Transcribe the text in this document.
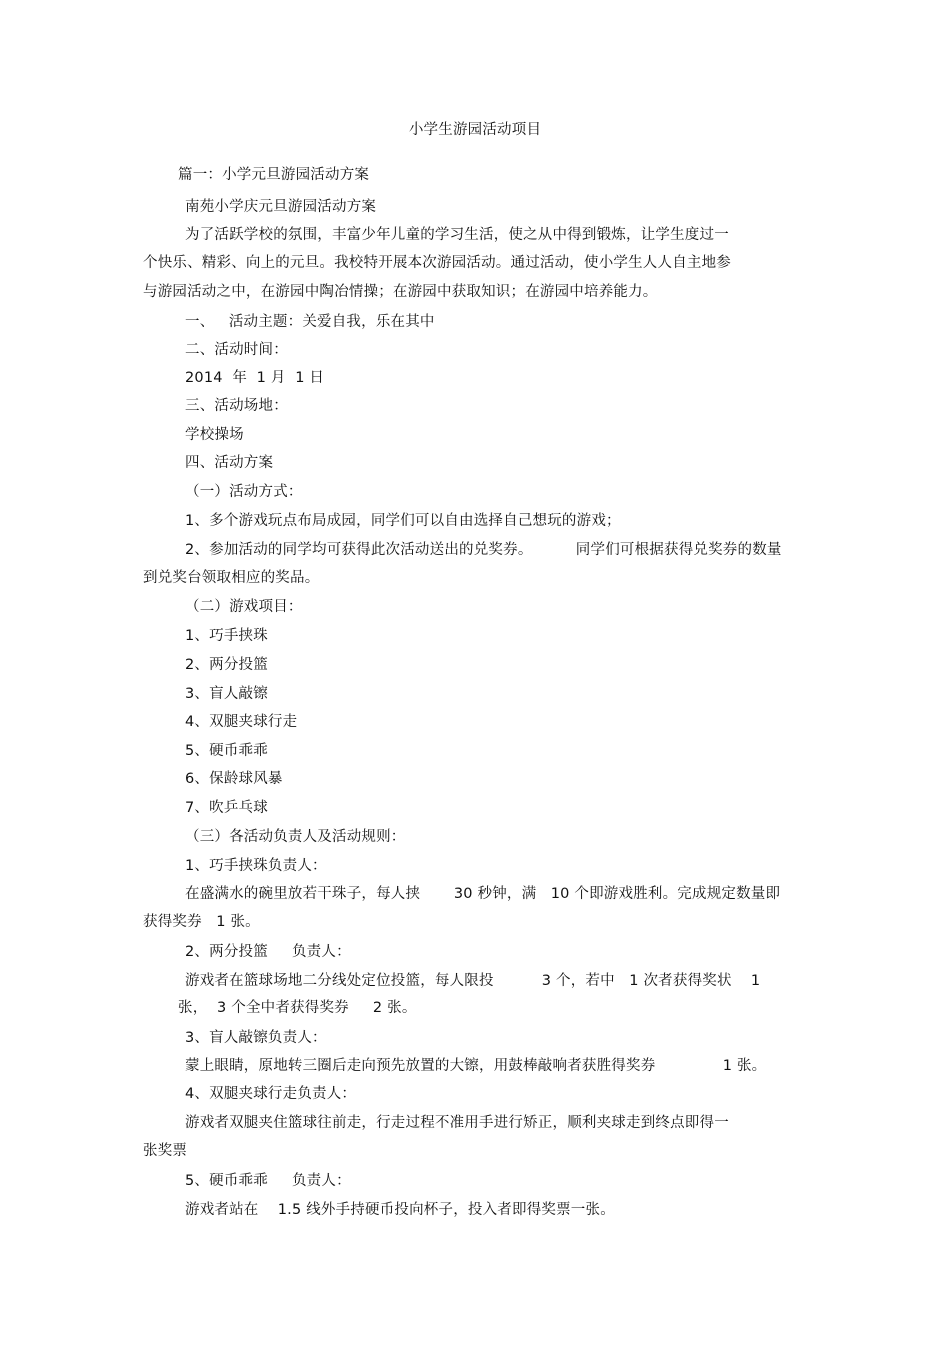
小学生游园活动项目
篇一：小学元旦游园活动方案
南苑小学庆元旦游园活动方案
为了活跃学校的氛围，丰富少年儿童的学习生活，使之从中得到锻炼，让学生度过一
个快乐、精彩、向上的元旦。我校特开展本次游园活动。通过活动，使小学生人人自主地参
与游园活动之中，在游园中陶冶情操；在游园中获取知识；在游园中培养能力。
一、   活动主题：关爱自我，乐在其中
二、活动时间：
2014  年  1 月  1 日
三、活动场地：
学校操场
四、活动方案
（一）活动方式：
1、多个游戏玩点布局成园，同学们可以自由选择自己想玩的游戏；
2、参加活动的同学均可获得此次活动送出的兑奖券。         同学们可根据获得兑奖券的数量
到兑奖台领取相应的奖品。
（二）游戏项目：
1、巧手挟珠
2、两分投篮
3、盲人敲镲
4、双腿夹球行走
5、硬币乖乖
6、保龄球风暴
7、吹乒乓球
（三）各活动负责人及活动规则：
1、巧手挟珠负责人：
在盛满水的碗里放若干珠子，每人挟       30 秒钟，满   10 个即游戏胜利。完成规定数量即
获得奖券   1 张。
2、两分投篮     负责人：
游戏者在篮球场地二分线处定位投篮，每人限投          3 个，若中   1 次者获得奖状    1
张，  3 个全中者获得奖券     2 张。
3、盲人敲镲负责人：
蒙上眼睛，原地转三圈后走向预先放置的大镲，用鼓棒敲响者获胜得奖券              1 张。
4、双腿夹球行走负责人：
游戏者双腿夹住篮球往前走，行走过程不准用手进行矫正，顺利夹球走到终点即得一
张奖票
5、硬币乖乖     负责人：
游戏者站在    1.5 线外手持硬币投向杯子，投入者即得奖票一张。
